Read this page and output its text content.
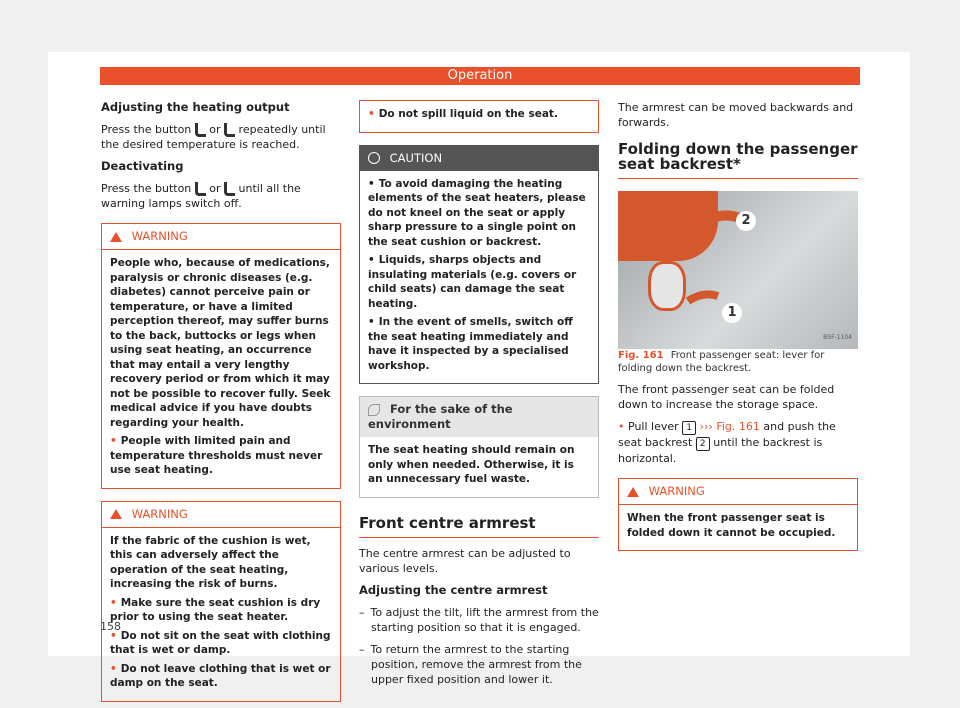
Operation

Adjusting the heating output

Press the button or repeatedly until the desired temperature is reached.

Deactivating

Press the button or until all the warning lamps switch off.

WARNING

People who, because of medications, paralysis or chronic diseases (e.g. diabetes) cannot perceive pain or temperature, or have a limited perception thereof, may suffer burns to the back, buttocks or legs when using seat heating, an occurrence that may entail a very lengthy recovery period or from which it may not be possible to recover fully. Seek medical advice if you have doubts regarding your health.

• People with limited pain and temperature thresholds must never use seat heating.

WARNING

If the fabric of the cushion is wet, this can adversely affect the operation of the seat heating, increasing the risk of burns.

• Make sure the seat cushion is dry prior to using the seat heater.

• Do not sit on the seat with clothing that is wet or damp.

• Do not leave clothing that is wet or damp on the seat.

• Do not spill liquid on the seat.

CAUTION

• To avoid damaging the heating elements of the seat heaters, please do not kneel on the seat or apply sharp pressure to a single point on the seat cushion or backrest.

• Liquids, sharps objects and insulating materials (e.g. covers or child seats) can damage the seat heating.

• In the event of smells, switch off the seat heating immediately and have it inspected by a specialised workshop.

For the sake of the environment

The seat heating should remain on only when needed. Otherwise, it is an unnecessary fuel waste.

Front centre armrest

The centre armrest can be adjusted to various levels.

Adjusting the centre armrest

– To adjust the tilt, lift the armrest from the starting position so that it is engaged.

– To return the armrest to the starting position, remove the armrest from the upper fixed position and lower it.

The armrest can be moved backwards and forwards.

Folding down the passenger seat backrest*
2
1
B5F-1104

Fig. 161 Front passenger seat: lever for folding down the backrest.

The front passenger seat can be folded down to increase the storage space.

• Pull lever 1 ››› Fig. 161 and push the seat backrest 2 until the backrest is horizontal.

WARNING

When the front passenger seat is folded down it cannot be occupied.

158
